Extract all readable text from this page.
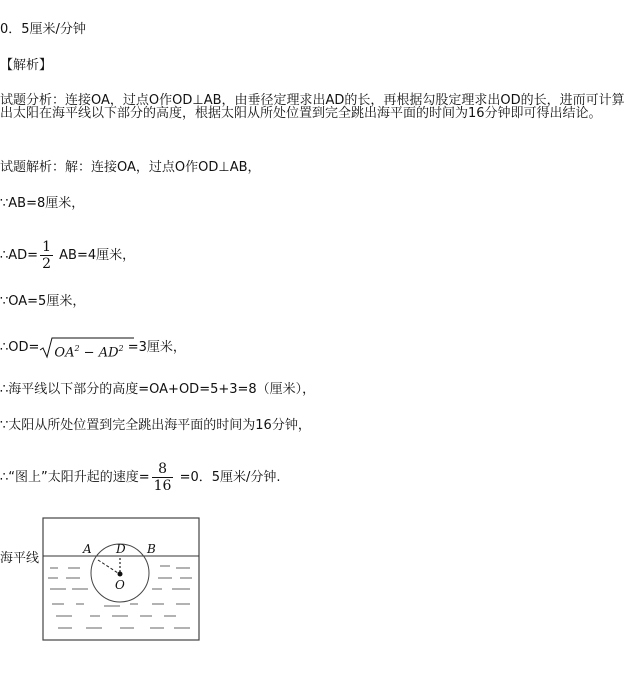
0．5厘米/分钟
【解析】
试题分析：连接OA，过点O作OD⊥AB，由垂径定理求出AD的长，再根据勾股定理求出OD的长，进而可计算出太阳在海平线以下部分的高度，根据太阳从所处位置到完全跳出海平面的时间为16分钟即可得出结论。
试题解析：解：连接OA，过点O作OD⊥AB，
∵AB=8厘米，
∴AD= $\frac{1}{2} AB=4$厘米，
∵OA=5厘米，
∴OD= $OA^2 - AD^2 =3$厘米，
∴海平线以下部分的高度=OA+OD=5+3=8（厘米），
∵太阳从所处位置到完全跳出海平面的时间为16分钟，
∴“图上”太阳升起的速度= $\frac{8}{16} =0$．5厘米/分钟.
海平线
A D B
O
